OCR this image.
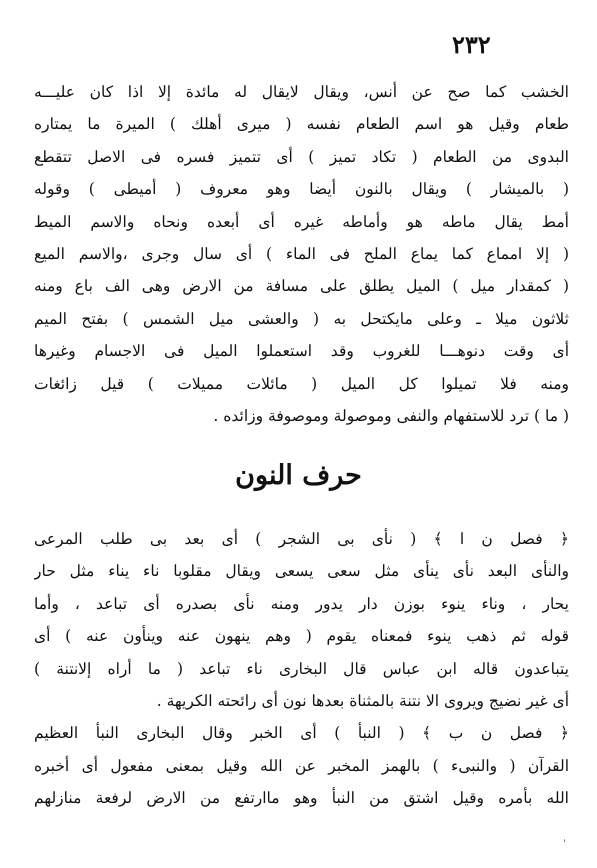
٢٣٢
الخشب كما صح عن أنس، ويقال لايقال له مائدة إلا اذا كان عليـــه
طعام وقيل هو اسم الطعام نفسه ( ميرى أهلك ) الميرة ما يمتاره
البدوى من الطعام ( تكاد تميز ) أى تتميز فسره فى الاصل تتقطع
( بالميشار ) ويقال بالنون أيضا وهو معروف ( أميطى ) وقوله
أمط يقال ماطه هو وأماطه غيره أى أبعده ونحاه والاسم الميط
( إلا امماع كما يماع الملح فى الماء ) أى سال وجرى ،والاسم الميع
( كمقدار ميل ) الميل يطلق على مسافة من الارض وهى الف باع ومنه
ثلاثون ميلا ـ وعلى مايكتحل به ( والعشى ميل الشمس ) بفتح الميم
أى وقت دنوهـــا للغروب وقد استعملوا الميل فى الاجسام وغيرها
ومنه فلا تميلوا كل الميل ( مائلات مميلات ) قيل زائغات
( ما ) ترد للاستفهام والنفى وموصولة وموصوفة وزائده .
حرف النون
﴿ فصل ن ا ﴾ ( نأى بى الشجر ) أى بعد بى طلب المرعى
والنأى البعد نأى ينأى مثل سعى يسعى ويقال مقلوبا ناء يناء مثل حار
يحار ، وناء ينوء بوزن دار يدور ومنه نأى بصدره أى تباعد ، وأما
قوله ثم ذهب ينوء فمعناه يقوم ( وهم ينهون عنه وينأون عنه ) أى
يتباعدون قاله ابن عباس قال البخارى ناء تباعد ( ما أراه إلانتنة )
أى غير نضيج ويروى الا نتنة بالمثناة بعدها نون أى رائحته الكريهة .
﴿ فصل ن ب ﴾ ( النبأ ) أى الخبر وقال البخارى النبأ العظيم
القرآن ( والنبىء ) بالهمز المخبر عن الله وقيل بمعنى مفعول أى أخبره
الله بأمره وقيل اشتق من النبأ وهو ماارتفع من الارض لرفعة منازلهم
ˈ
